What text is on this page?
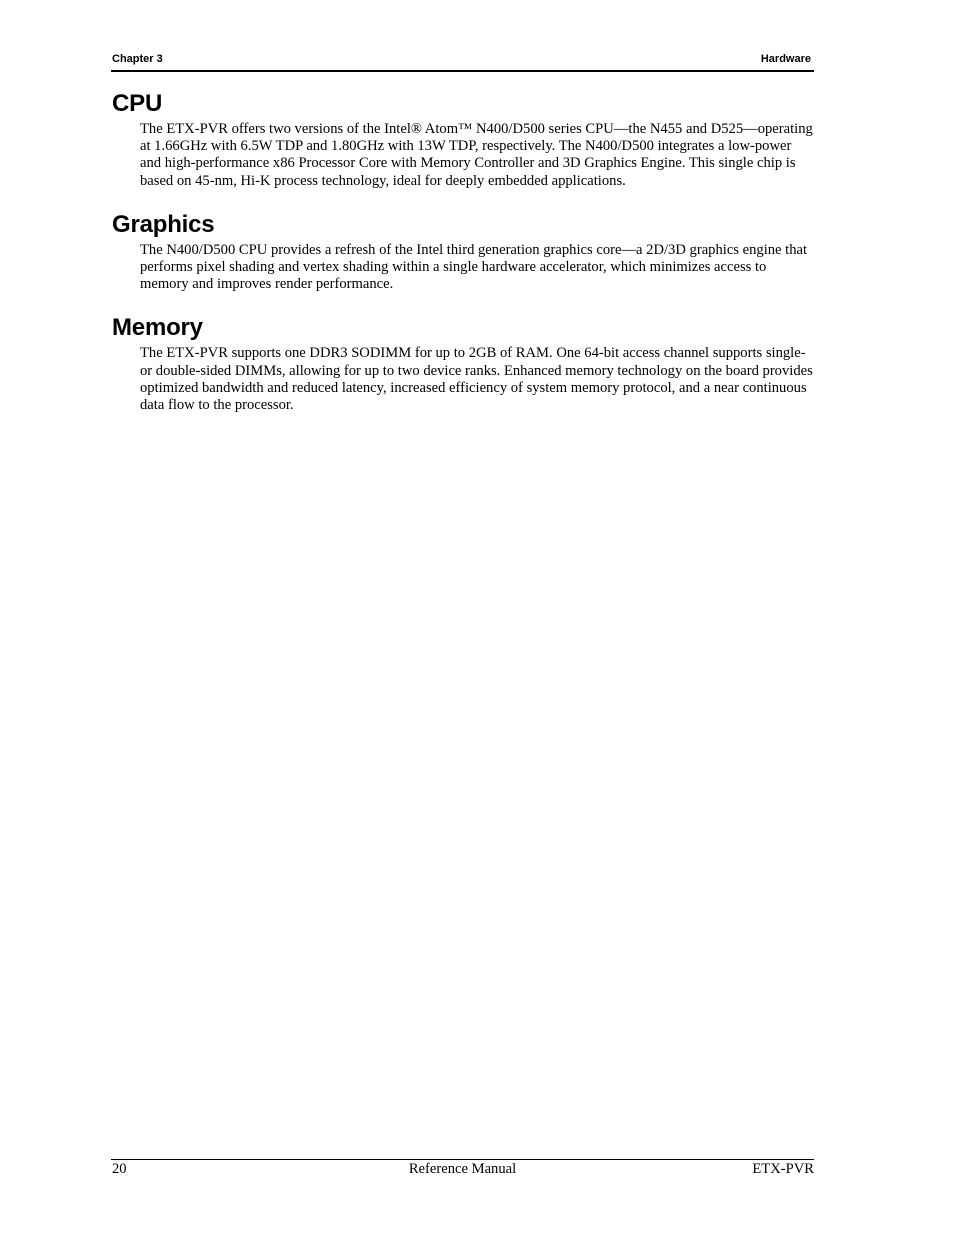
Chapter 3	Hardware
CPU

The ETX-PVR offers two versions of the Intel® Atom™ N400/D500 series CPU—the N455 and D525—operating at 1.66GHz with 6.5W TDP and 1.80GHz with 13W TDP, respectively. The N400/D500 integrates a low-power and high-performance x86 Processor Core with Memory Controller and 3D Graphics Engine. This single chip is based on 45-nm, Hi-K process technology, ideal for deeply embedded applications.

Graphics

The N400/D500 CPU provides a refresh of the Intel third generation graphics core—a 2D/3D graphics engine that performs pixel shading and vertex shading within a single hardware accelerator, which minimizes access to memory and improves render performance.

Memory

The ETX-PVR supports one DDR3 SODIMM for up to 2GB of RAM. One 64-bit access channel supports single- or double-sided DIMMs, allowing for up to two device ranks. Enhanced memory technology on the board provides optimized bandwidth and reduced latency, increased efficiency of system memory protocol, and a near continuous data flow to the processor.

20	Reference Manual	ETX-PVR
